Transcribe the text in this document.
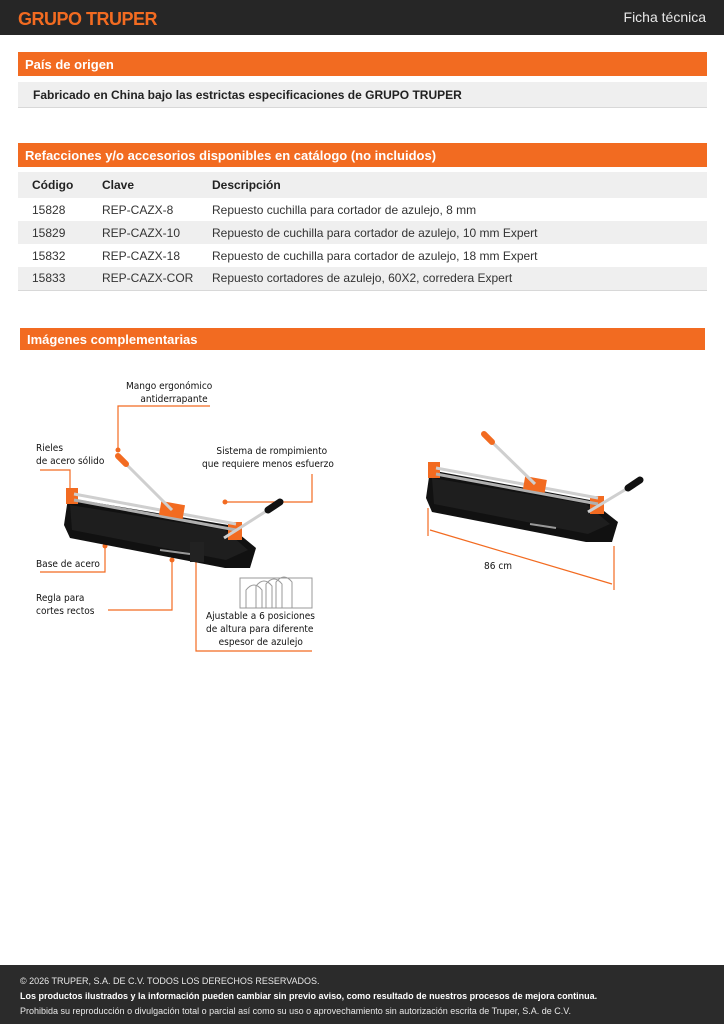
GRUPO TRUPER	Ficha técnica
País de origen
Fabricado en China bajo las estrictas especificaciones de GRUPO TRUPER
Refacciones y/o accesorios disponibles en catálogo (no incluidos)
Código	Clave	Descripción
15828	REP-CAZX-8	Repuesto cuchilla para cortador de azulejo, 8 mm
15829	REP-CAZX-10	Repuesto de cuchilla para cortador de azulejo, 10 mm Expert
15832	REP-CAZX-18	Repuesto de cuchilla para cortador de azulejo, 18 mm Expert
15833	REP-CAZX-COR	Repuesto cortadores de azulejo, 60X2, corredera Expert
Imágenes complementarias
Mango ergonómico
antiderrapante
Rieles
de acero sólido
Sistema de rompimiento
que requiere menos esfuerzo
Base de acero
Regla para
cortes rectos	Ajustable a 6 posiciones
de altura para diferente
espesor de azulejo
86 cm
© 2026 TRUPER, S.A. DE C.V. TODOS LOS DERECHOS RESERVADOS.
Los productos ilustrados y la información pueden cambiar sin previo aviso, como resultado de nuestros procesos de mejora continua.
Prohibida su reproducción o divulgación total o parcial así como su uso o aprovechamiento sin autorización escrita de Truper, S.A. de C.V.
